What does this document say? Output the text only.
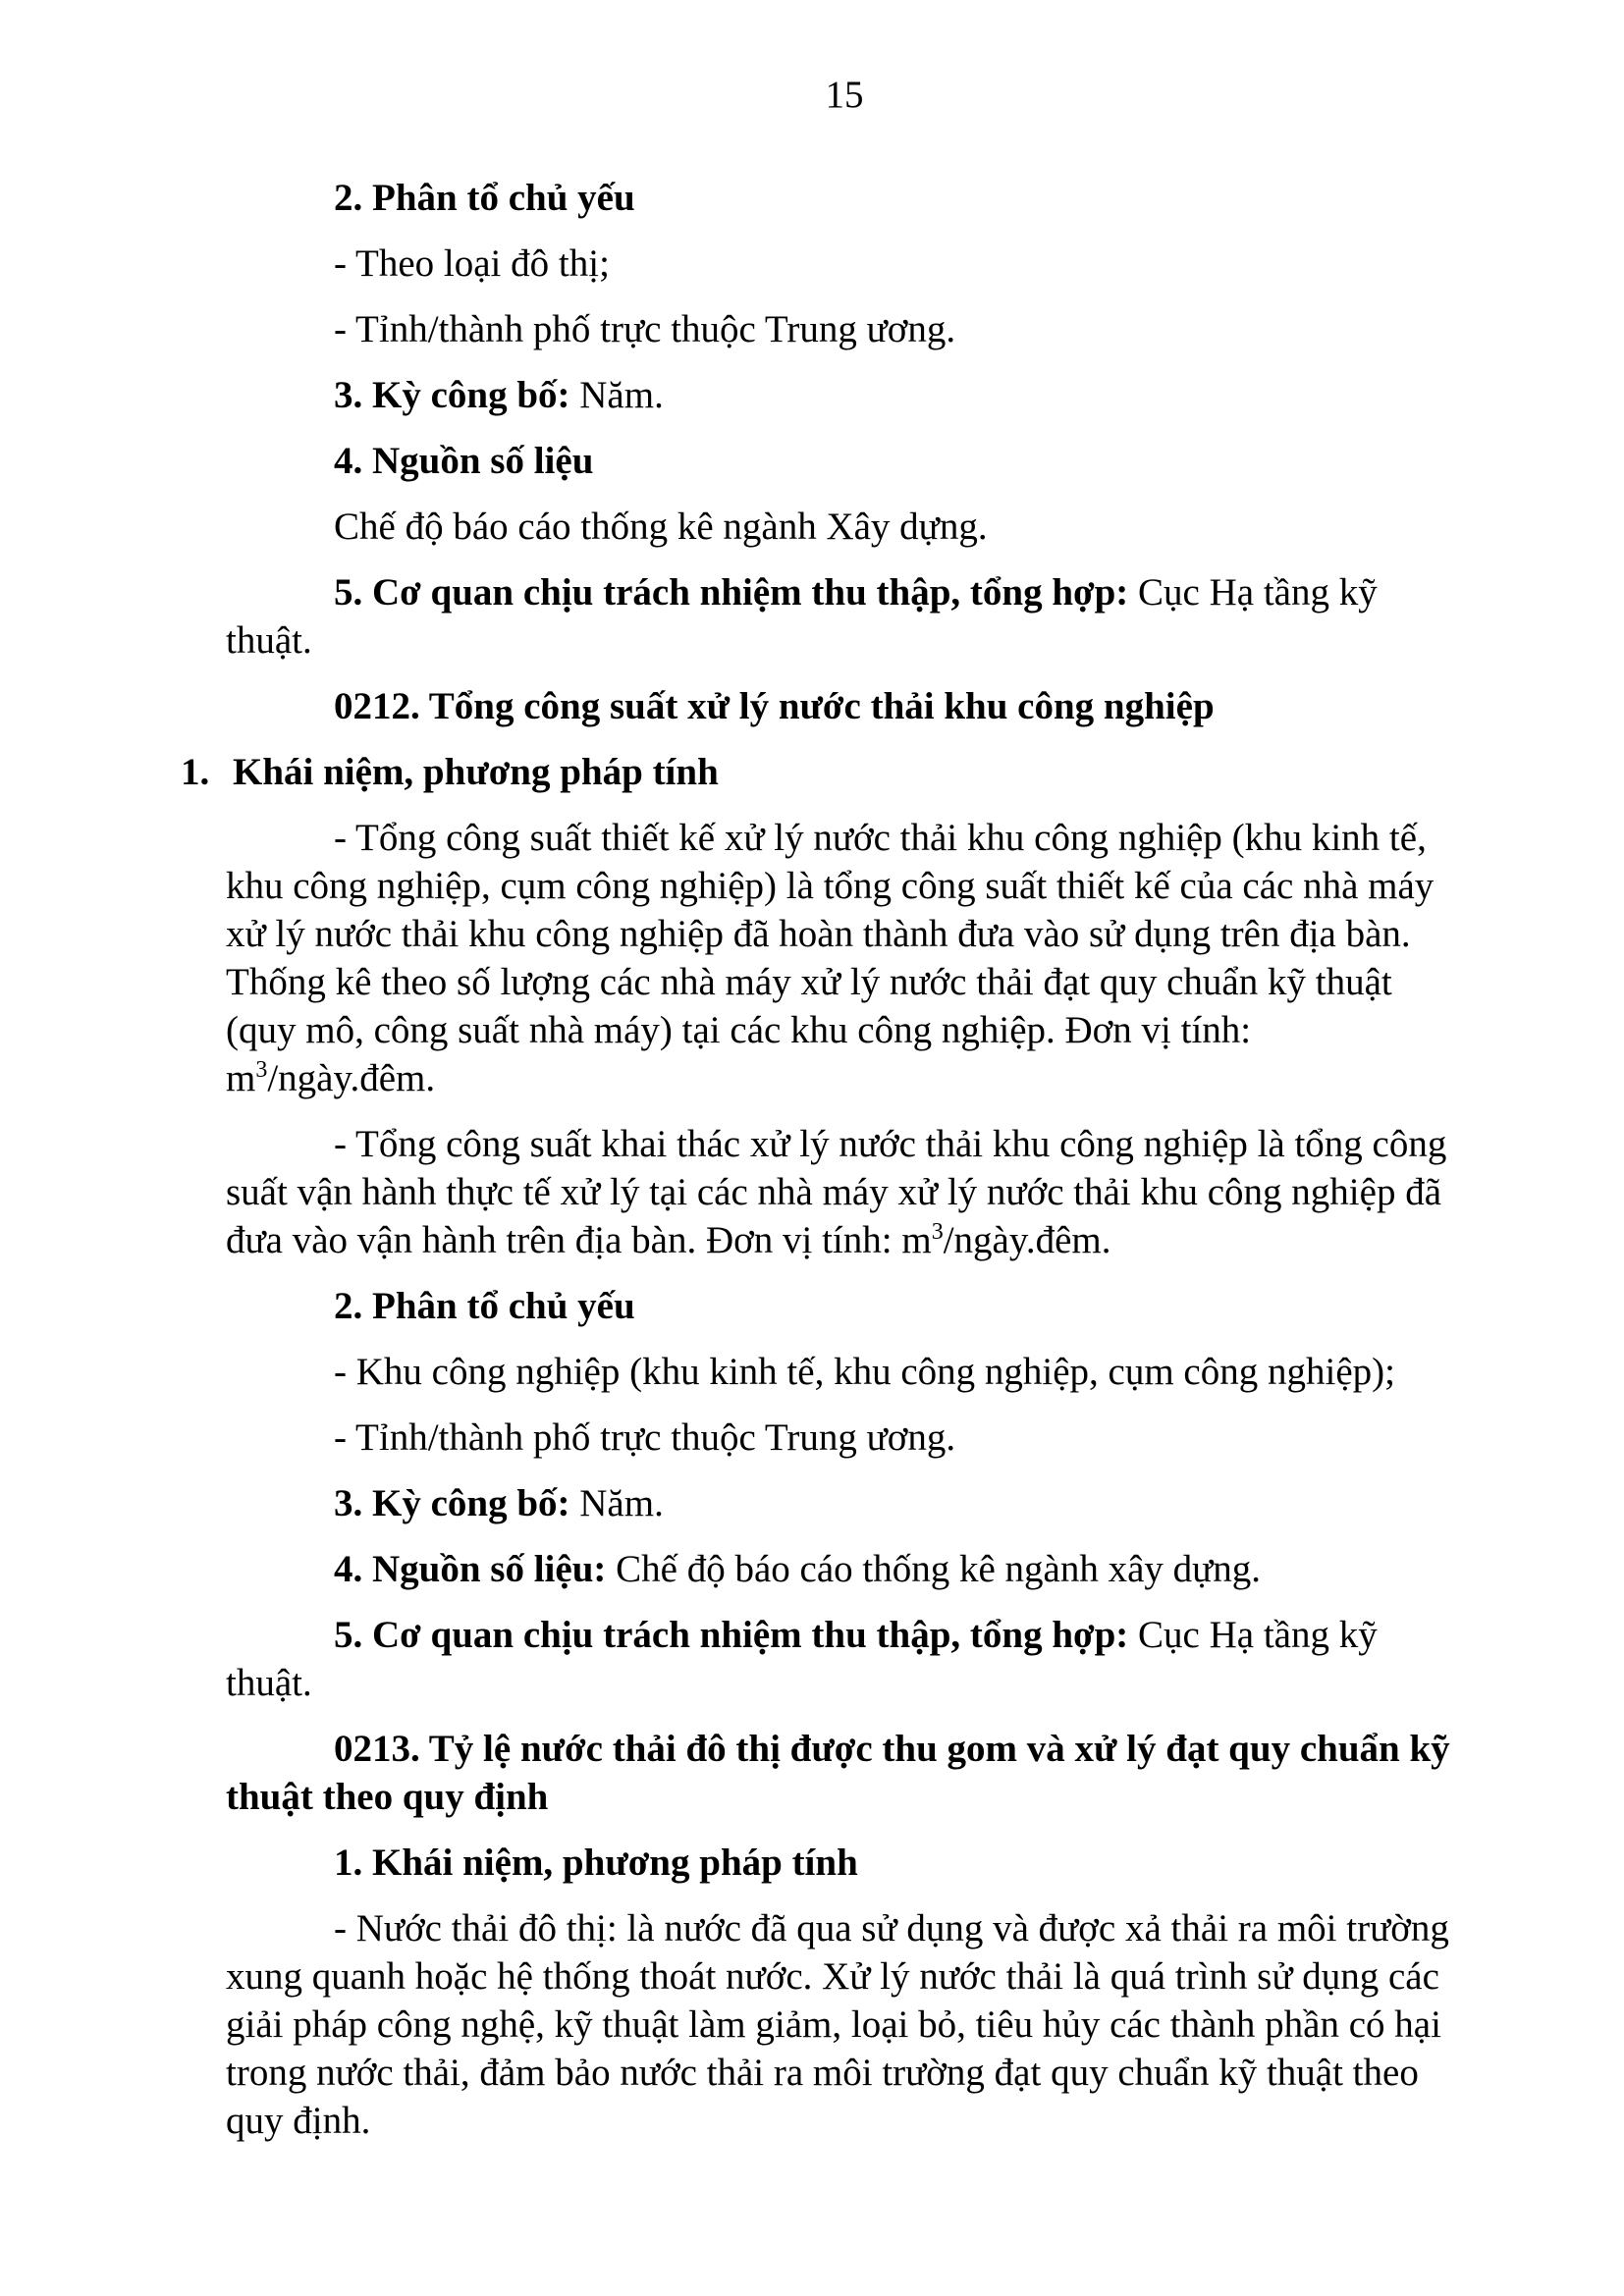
15
2. Phân tổ chủ yếu
- Theo loại đô thị;
- Tỉnh/thành phố trực thuộc Trung ương.
3. Kỳ công bố: Năm.
4. Nguồn số liệu
Chế độ báo cáo thống kê ngành Xây dựng.
5. Cơ quan chịu trách nhiệm thu thập, tổng hợp: Cục Hạ tầng kỹ thuật.
0212. Tổng công suất xử lý nước thải khu công nghiệp
1. Khái niệm, phương pháp tính
- Tổng công suất thiết kế xử lý nước thải khu công nghiệp (khu kinh tế,
khu công nghiệp, cụm công nghiệp) là tổng công suất thiết kế của các nhà máy
xử lý nước thải khu công nghiệp đã hoàn thành đưa vào sử dụng trên địa bàn.
Thống kê theo số lượng các nhà máy xử lý nước thải đạt quy chuẩn kỹ thuật
(quy mô, công suất nhà máy) tại các khu công nghiệp. Đơn vị tính:
$m^3/ngày.đêm$.
- Tổng công suất khai thác xử lý nước thải khu công nghiệp là tổng công
suất vận hành thực tế xử lý tại các nhà máy xử lý nước thải khu công nghiệp đã
đưa vào vận hành trên địa bàn. Đơn vị tính: $m^3/ngày.đêm$.
2. Phân tổ chủ yếu
- Khu công nghiệp (khu kinh tế, khu công nghiệp, cụm công nghiệp);
- Tỉnh/thành phố trực thuộc Trung ương.
3. Kỳ công bố: Năm.
4. Nguồn số liệu: Chế độ báo cáo thống kê ngành xây dựng.
5. Cơ quan chịu trách nhiệm thu thập, tổng hợp: Cục Hạ tầng kỹ thuật.
0213. Tỷ lệ nước thải đô thị được thu gom và xử lý đạt quy chuẩn kỹ
thuật theo quy định
1. Khái niệm, phương pháp tính
- Nước thải đô thị: là nước đã qua sử dụng và được xả thải ra môi trường
xung quanh hoặc hệ thống thoát nước. Xử lý nước thải là quá trình sử dụng các
giải pháp công nghệ, kỹ thuật làm giảm, loại bỏ, tiêu hủy các thành phần có hại
trong nước thải, đảm bảo nước thải ra môi trường đạt quy chuẩn kỹ thuật theo
quy định.
